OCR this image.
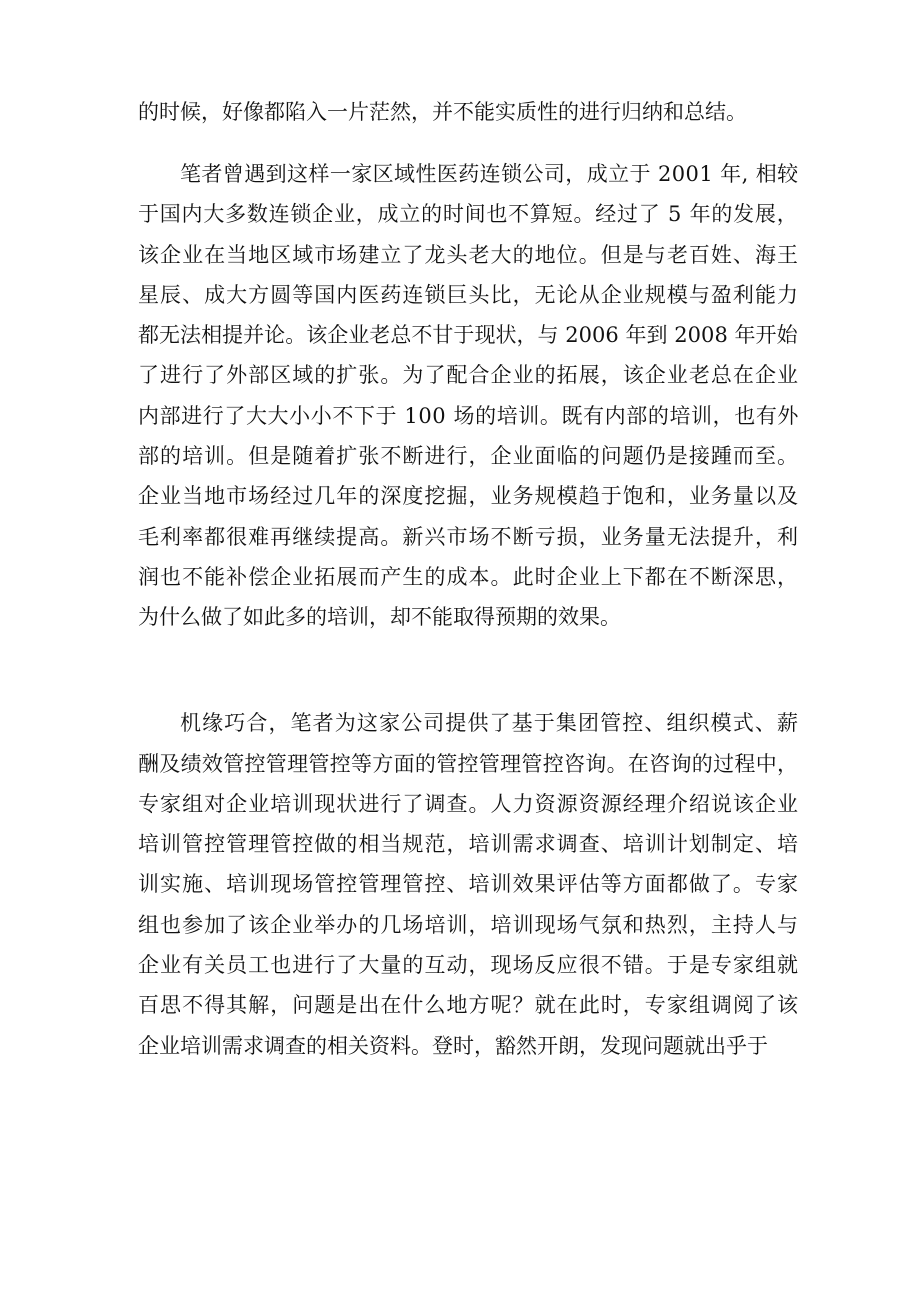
的时候，好像都陷入一片茫然，并不能实质性的进行归纳和总结。
笔者曾遇到这样一家区域性医药连锁公司，成立于 2001 年, 相较
于国内大多数连锁企业，成立的时间也不算短。经过了 5 年的发展，
该企业在当地区域市场建立了龙头老大的地位。但是与老百姓、海王
星辰、成大方圆等国内医药连锁巨头比，无论从企业规模与盈利能力
都无法相提并论。该企业老总不甘于现状，与 2006 年到 2008 年开始
了进行了外部区域的扩张。为了配合企业的拓展，该企业老总在企业
内部进行了大大小小不下于 100 场的培训。既有内部的培训，也有外
部的培训。但是随着扩张不断进行，企业面临的问题仍是接踵而至。
企业当地市场经过几年的深度挖掘，业务规模趋于饱和，业务量以及
毛利率都很难再继续提高。新兴市场不断亏损，业务量无法提升，利
润也不能补偿企业拓展而产生的成本。此时企业上下都在不断深思，
为什么做了如此多的培训，却不能取得预期的效果。
机缘巧合，笔者为这家公司提供了基于集团管控、组织模式、薪
酬及绩效管控管理管控等方面的管控管理管控咨询。在咨询的过程中，
专家组对企业培训现状进行了调查。人力资源资源经理介绍说该企业
培训管控管理管控做的相当规范，培训需求调查、培训计划制定、培
训实施、培训现场管控管理管控、培训效果评估等方面都做了。专家
组也参加了该企业举办的几场培训，培训现场气氛和热烈，主持人与
企业有关员工也进行了大量的互动，现场反应很不错。于是专家组就
百思不得其解，问题是出在什么地方呢？就在此时，专家组调阅了该
企业培训需求调查的相关资料。登时，豁然开朗，发现问题就出乎于
